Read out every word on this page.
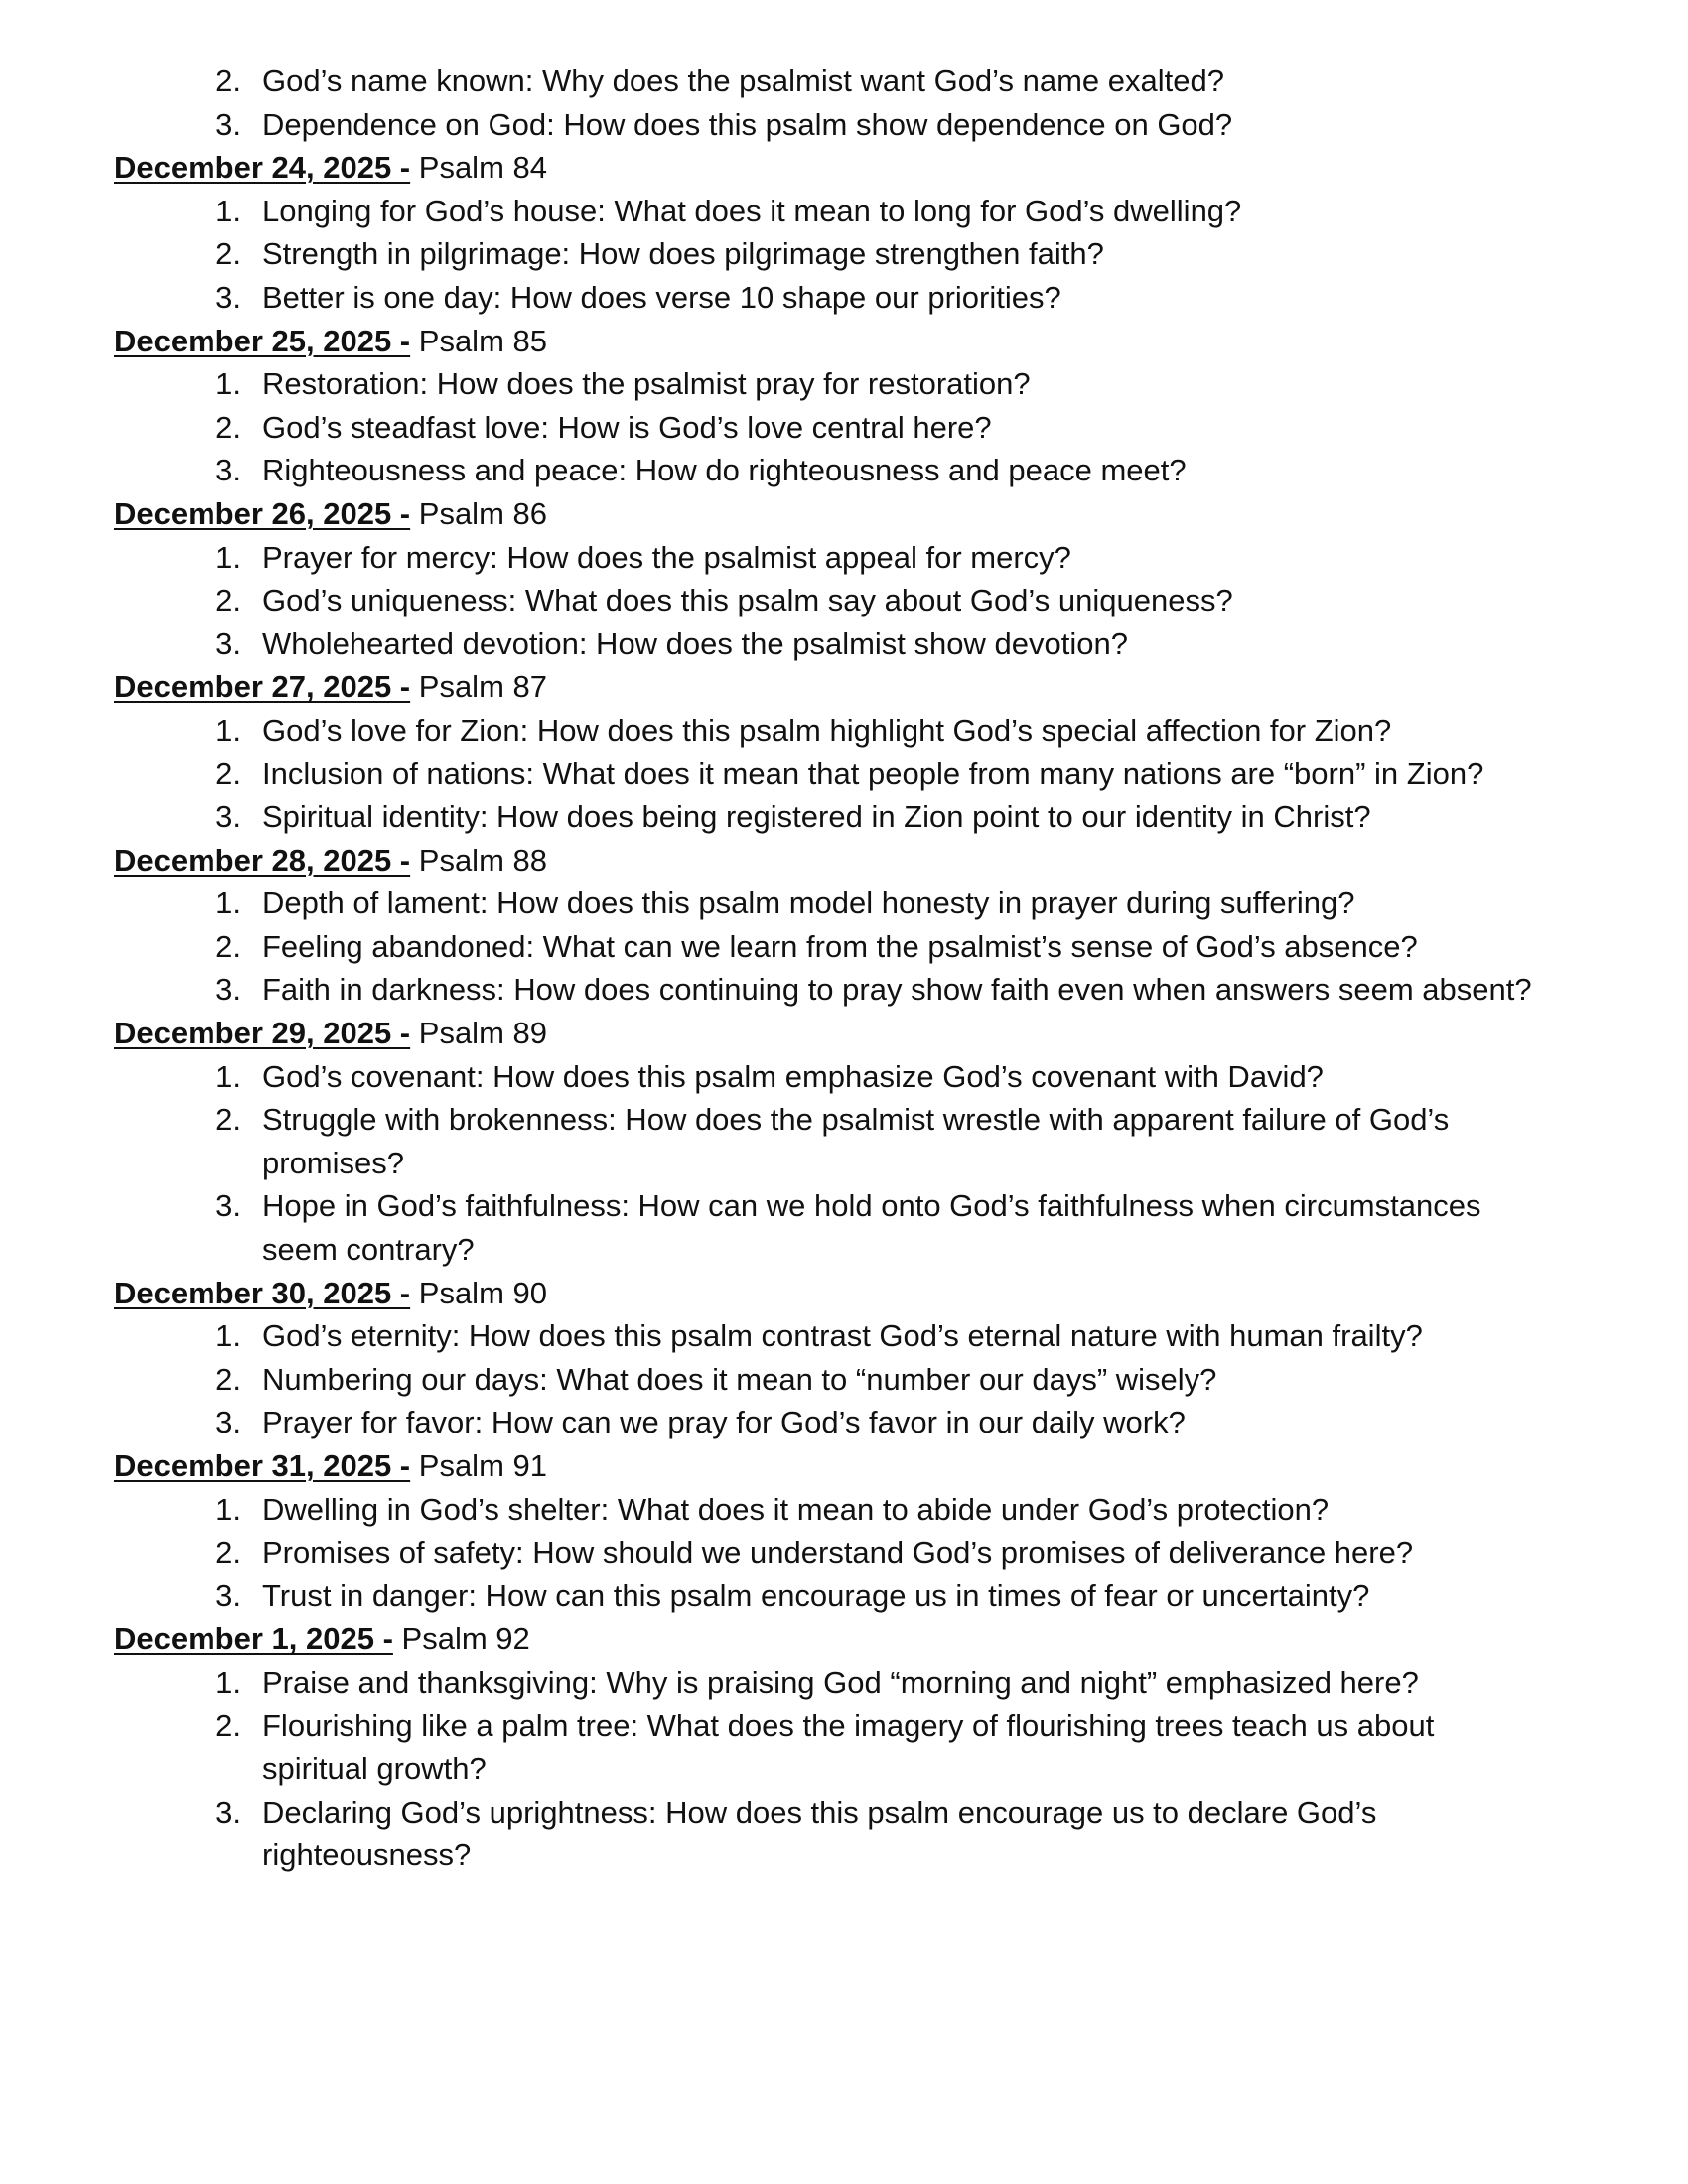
2. God’s name known: Why does the psalmist want God’s name exalted?
3. Dependence on God: How does this psalm show dependence on God?
December 24, 2025 - Psalm 84
1. Longing for God’s house: What does it mean to long for God’s dwelling?
2. Strength in pilgrimage: How does pilgrimage strengthen faith?
3. Better is one day: How does verse 10 shape our priorities?
December 25, 2025 - Psalm 85
1. Restoration: How does the psalmist pray for restoration?
2. God’s steadfast love: How is God’s love central here?
3. Righteousness and peace: How do righteousness and peace meet?
December 26, 2025 - Psalm 86
1. Prayer for mercy: How does the psalmist appeal for mercy?
2. God’s uniqueness: What does this psalm say about God’s uniqueness?
3. Wholehearted devotion: How does the psalmist show devotion?
December 27, 2025 - Psalm 87
1. God’s love for Zion: How does this psalm highlight God’s special affection for Zion?
2. Inclusion of nations: What does it mean that people from many nations are “born” in Zion?
3. Spiritual identity: How does being registered in Zion point to our identity in Christ?
December 28, 2025 - Psalm 88
1. Depth of lament: How does this psalm model honesty in prayer during suffering?
2. Feeling abandoned: What can we learn from the psalmist’s sense of God’s absence?
3. Faith in darkness: How does continuing to pray show faith even when answers seem absent?
December 29, 2025 - Psalm 89
1. God’s covenant: How does this psalm emphasize God’s covenant with David?
2. Struggle with brokenness: How does the psalmist wrestle with apparent failure of God’s
promises?
3. Hope in God’s faithfulness: How can we hold onto God’s faithfulness when circumstances
seem contrary?
December 30, 2025 - Psalm 90
1. God’s eternity: How does this psalm contrast God’s eternal nature with human frailty?
2. Numbering our days: What does it mean to “number our days” wisely?
3. Prayer for favor: How can we pray for God’s favor in our daily work?
December 31, 2025 - Psalm 91
1. Dwelling in God’s shelter: What does it mean to abide under God’s protection?
2. Promises of safety: How should we understand God’s promises of deliverance here?
3. Trust in danger: How can this psalm encourage us in times of fear or uncertainty?
December 1, 2025 - Psalm 92
1. Praise and thanksgiving: Why is praising God “morning and night” emphasized here?
2. Flourishing like a palm tree: What does the imagery of flourishing trees teach us about
spiritual growth?
3. Declaring God’s uprightness: How does this psalm encourage us to declare God’s
righteousness?
